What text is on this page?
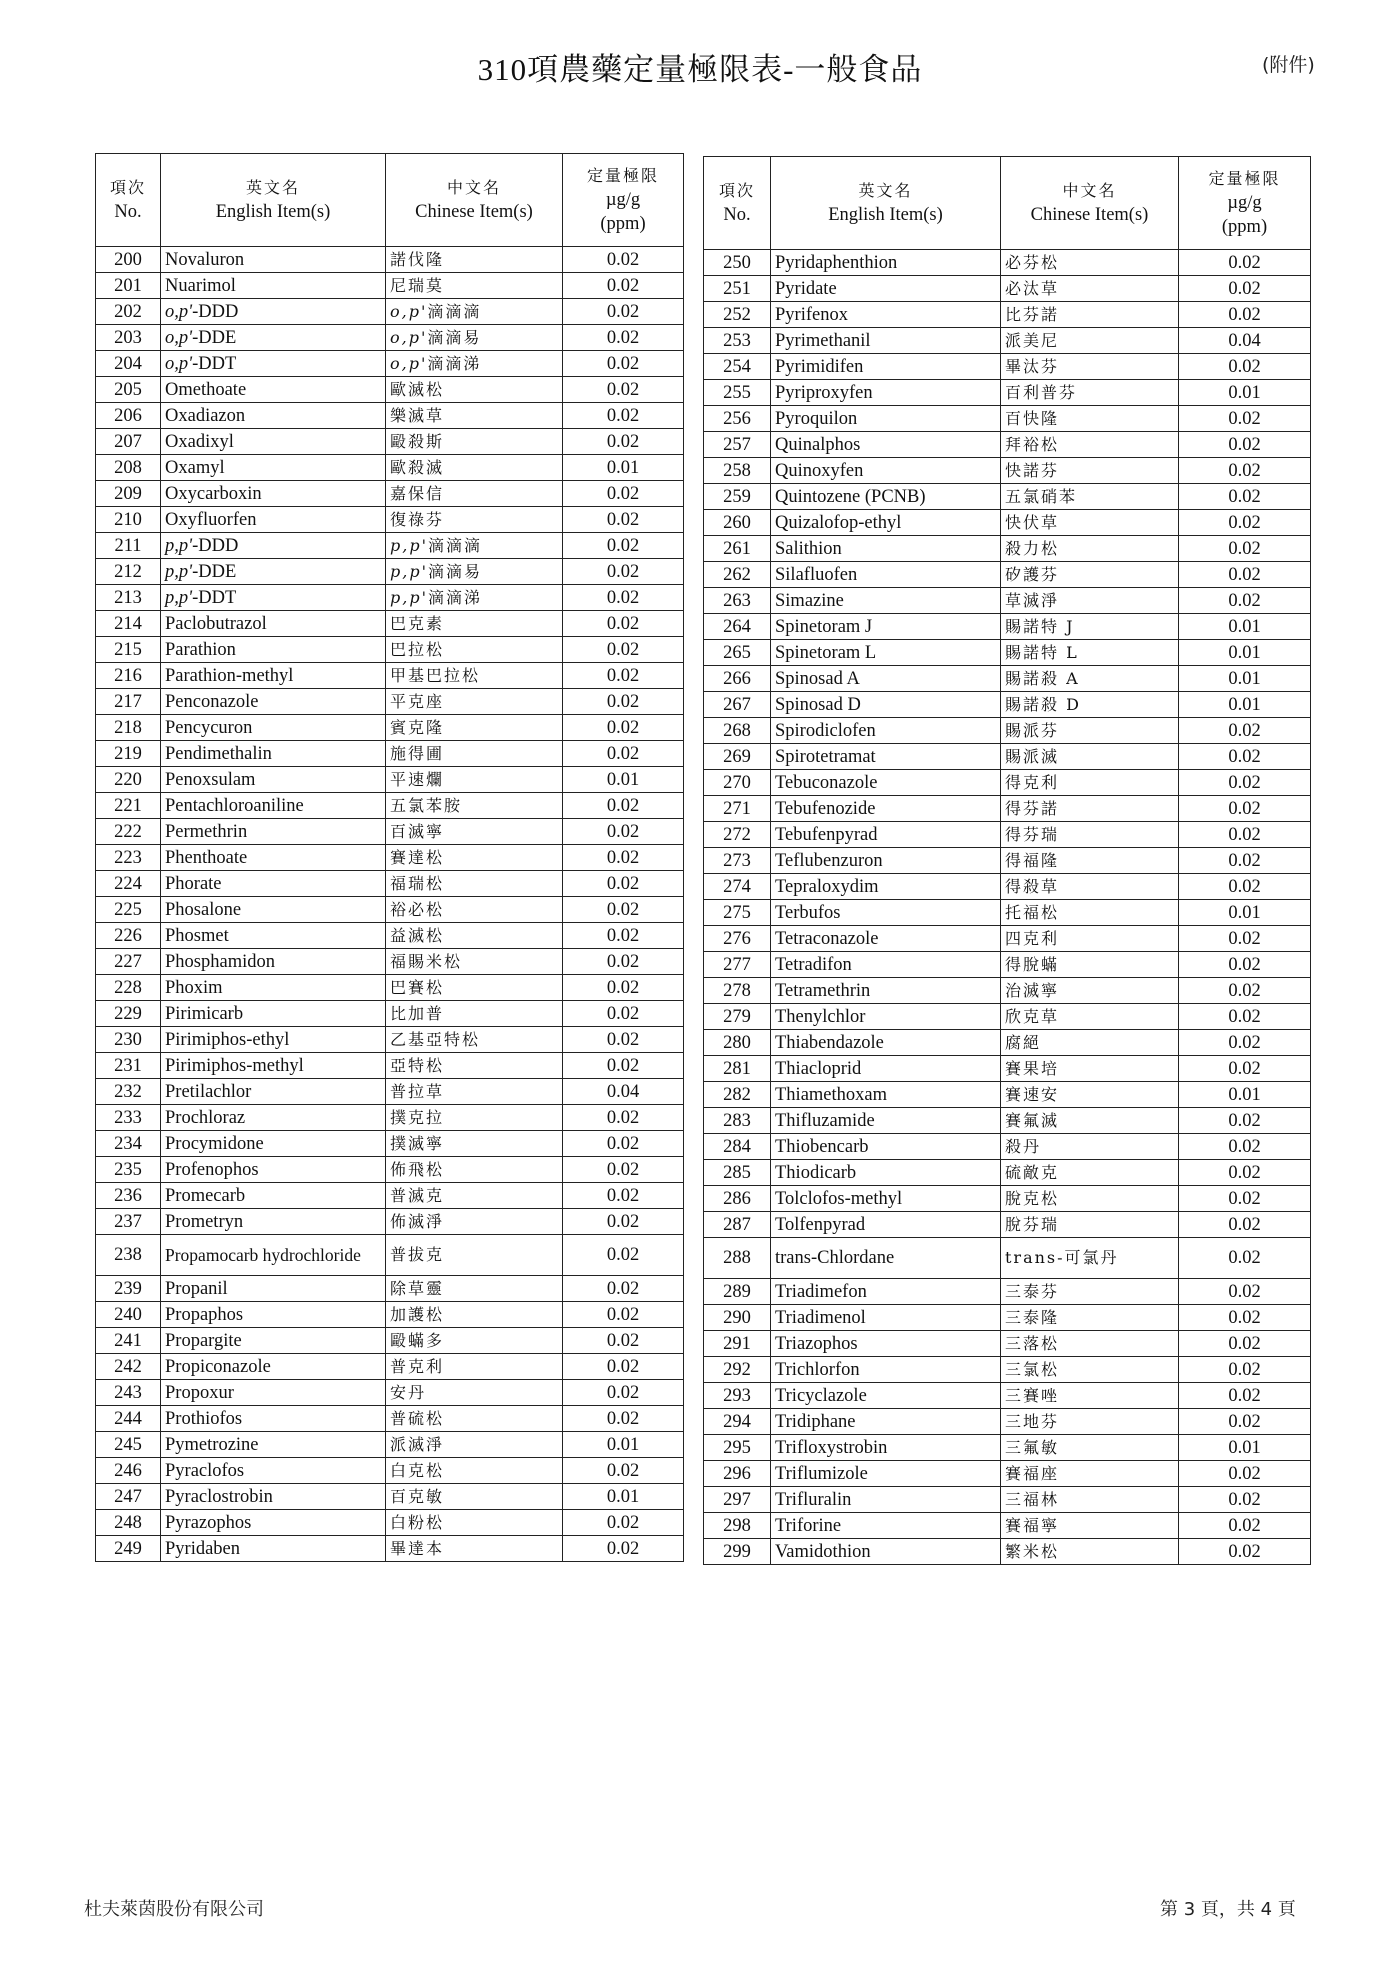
310項農藥定量極限表-一般食品	(附件)
項次
No.

英文名
English Item(s)

中文名
Chinese Item(s)

定量極限
µg/g
(ppm)

200	Novaluron	諾伐隆	0.02
201	Nuarimol	尼瑞莫	0.02
202	o,p'-DDD	o,p'滴滴滴	0.02
203	o,p'-DDE	o,p'滴滴易	0.02
204	o,p'-DDT	o,p'滴滴涕	0.02
205	Omethoate	歐滅松	0.02
206	Oxadiazon	樂滅草	0.02
207	Oxadixyl	毆殺斯	0.02
208	Oxamyl	歐殺滅	0.01
209	Oxycarboxin	嘉保信	0.02
210	Oxyfluorfen	復祿芬	0.02
211	p,p'-DDD	p,p'滴滴滴	0.02
212	p,p'-DDE	p,p'滴滴易	0.02
213	p,p'-DDT	p,p'滴滴涕	0.02
214	Paclobutrazol	巴克素	0.02
215	Parathion	巴拉松	0.02
216	Parathion-methyl	甲基巴拉松	0.02
217	Penconazole	平克座	0.02
218	Pencycuron	賓克隆	0.02
219	Pendimethalin	施得圃	0.02
220	Penoxsulam	平速爛	0.01
221	Pentachloroaniline	五氯苯胺	0.02
222	Permethrin	百滅寧	0.02
223	Phenthoate	賽達松	0.02
224	Phorate	福瑞松	0.02
225	Phosalone	裕必松	0.02
226	Phosmet	益滅松	0.02
227	Phosphamidon	福賜米松	0.02
228	Phoxim	巴賽松	0.02
229	Pirimicarb	比加普	0.02
230	Pirimiphos-ethyl	乙基亞特松	0.02
231	Pirimiphos-methyl	亞特松	0.02
232	Pretilachlor	普拉草	0.04
233	Prochloraz	撲克拉	0.02
234	Procymidone	撲滅寧	0.02
235	Profenophos	佈飛松	0.02
236	Promecarb	普滅克	0.02
237	Prometryn	佈滅淨	0.02
238	Propamocarb hydrochloride	普拔克	0.02
239	Propanil	除草靈	0.02
240	Propaphos	加護松	0.02
241	Propargite	毆蟎多	0.02
242	Propiconazole	普克利	0.02
243	Propoxur	安丹	0.02
244	Prothiofos	普硫松	0.02
245	Pymetrozine	派滅淨	0.01
246	Pyraclofos	白克松	0.02
247	Pyraclostrobin	百克敏	0.01
248	Pyrazophos	白粉松	0.02
249	Pyridaben	畢達本	0.02
項次
No.

英文名
English Item(s)

中文名
Chinese Item(s)

定量極限
µg/g
(ppm)

250	Pyridaphenthion	必芬松	0.02
251	Pyridate	必汰草	0.02
252	Pyrifenox	比芬諾	0.02
253	Pyrimethanil	派美尼	0.04
254	Pyrimidifen	畢汰芬	0.02
255	Pyriproxyfen	百利普芬	0.01
256	Pyroquilon	百快隆	0.02
257	Quinalphos	拜裕松	0.02
258	Quinoxyfen	快諾芬	0.02
259	Quintozene (PCNB)	五氯硝苯	0.02
260	Quizalofop-ethyl	快伏草	0.02
261	Salithion	殺力松	0.02
262	Silafluofen	矽護芬	0.02
263	Simazine	草滅淨	0.02
264	Spinetoram J	賜諾特 J	0.01
265	Spinetoram L	賜諾特 L	0.01
266	Spinosad A	賜諾殺 A	0.01
267	Spinosad D	賜諾殺 D	0.01
268	Spirodiclofen	賜派芬	0.02
269	Spirotetramat	賜派滅	0.02
270	Tebuconazole	得克利	0.02
271	Tebufenozide	得芬諾	0.02
272	Tebufenpyrad	得芬瑞	0.02
273	Teflubenzuron	得福隆	0.02
274	Tepraloxydim	得殺草	0.02
275	Terbufos	托福松	0.01
276	Tetraconazole	四克利	0.02
277	Tetradifon	得脫蟎	0.02
278	Tetramethrin	治滅寧	0.02
279	Thenylchlor	欣克草	0.02
280	Thiabendazole	腐絕	0.02
281	Thiacloprid	賽果培	0.02
282	Thiamethoxam	賽速安	0.01
283	Thifluzamide	賽氟滅	0.02
284	Thiobencarb	殺丹	0.02
285	Thiodicarb	硫敵克	0.02
286	Tolclofos-methyl	脫克松	0.02
287	Tolfenpyrad	脫芬瑞	0.02
288	trans-Chlordane	trans-可氯丹	0.02
289	Triadimefon	三泰芬	0.02
290	Triadimenol	三泰隆	0.02
291	Triazophos	三落松	0.02
292	Trichlorfon	三氯松	0.02
293	Tricyclazole	三賽唑	0.02
294	Tridiphane	三地芬	0.02
295	Trifloxystrobin	三氟敏	0.01
296	Triflumizole	賽福座	0.02
297	Trifluralin	三福林	0.02
298	Triforine	賽福寧	0.02
299	Vamidothion	繁米松	0.02
杜夫萊茵股份有限公司	第 3 頁，共 4 頁
